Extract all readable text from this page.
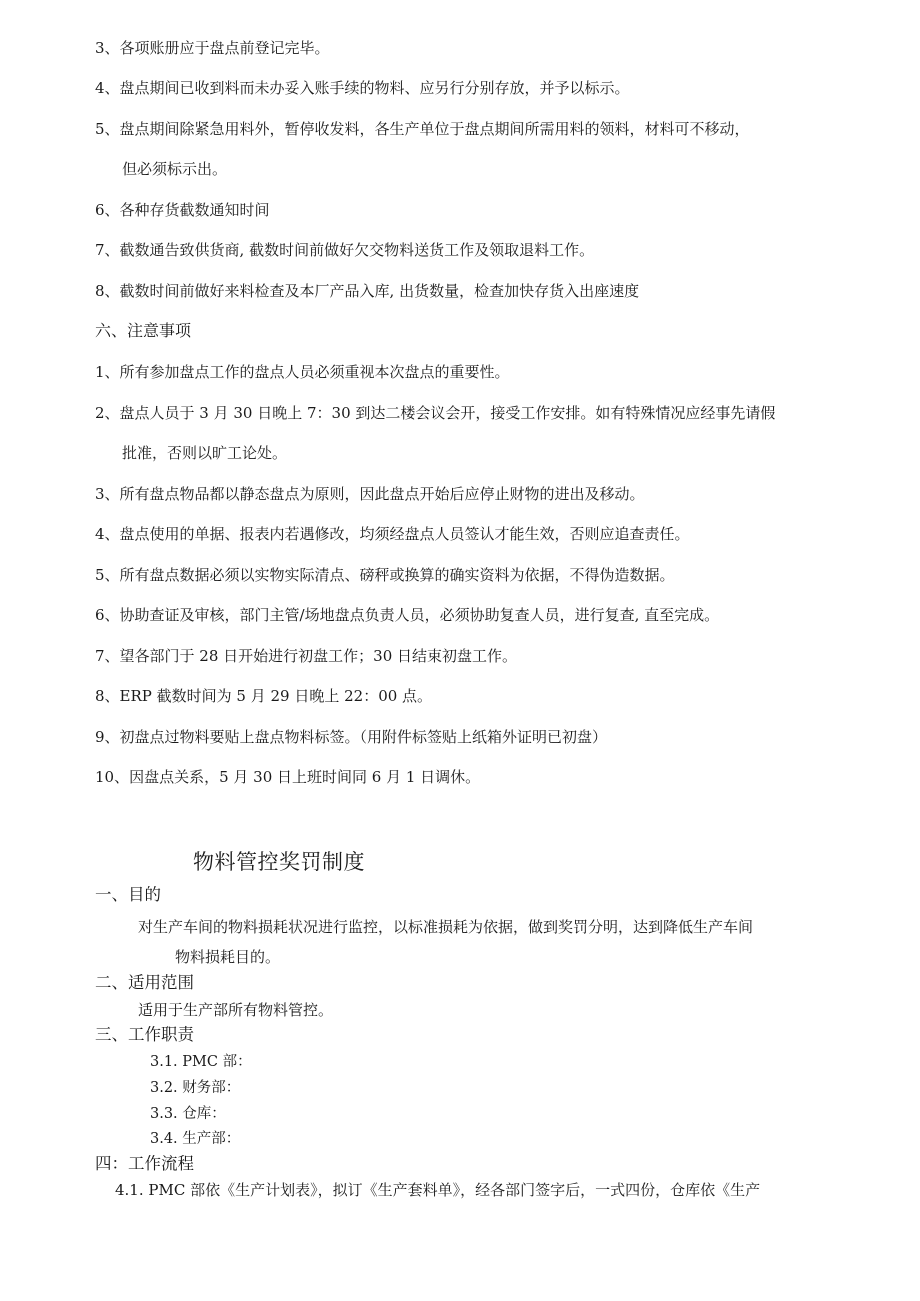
3、各项账册应于盘点前登记完毕。
4、盘点期间已收到料而未办妥入账手续的物料、应另行分别存放，并予以标示。
5、盘点期间除紧急用料外，暂停收发料，各生产单位于盘点期间所需用料的领料，材料可不移动，
但必须标示出。
6、各种存货截数通知时间
7、截数通告致供货商, 截数时间前做好欠交物料送货工作及领取退料工作。
8、截数时间前做好来料检查及本厂产品入库, 出货数量，检查加快存货入出座速度
六、注意事项
1、所有参加盘点工作的盘点人员必须重视本次盘点的重要性。
2、盘点人员于 3 月 30 日晚上 7：30 到达二楼会议会开，接受工作安排。如有特殊情况应经事先请假
批准，否则以旷工论处。
3、所有盘点物品都以静态盘点为原则，因此盘点开始后应停止财物的进出及移动。
4、盘点使用的单据、报表内若遇修改，均须经盘点人员签认才能生效，否则应追查责任。
5、所有盘点数据必须以实物实际清点、磅秤或换算的确实资料为依据，不得伪造数据。
6、协助查证及审核，部门主管/场地盘点负责人员，必须协助复查人员，进行复查, 直至完成。
7、望各部门于 28 日开始进行初盘工作；30 日结束初盘工作。
8、ERP 截数时间为 5 月 29 日晚上 22：00 点。
9、初盘点过物料要贴上盘点物料标签。（用附件标签贴上纸箱外证明已初盘）
10、因盘点关系，5 月 30 日上班时间同 6 月 1 日调休。
物料管控奖罚制度
一、目的
对生产车间的物料损耗状况进行监控，以标准损耗为依据，做到奖罚分明，达到降低生产车间
物料损耗目的。
二、适用范围
适用于生产部所有物料管控。
三、工作职责
3.1. PMC 部：
3.2. 财务部：
3.3. 仓库：
3.4. 生产部：
四：工作流程
4.1. PMC 部依《生产计划表》，拟订《生产套料单》，经各部门签字后，一式四份，仓库依《生产
